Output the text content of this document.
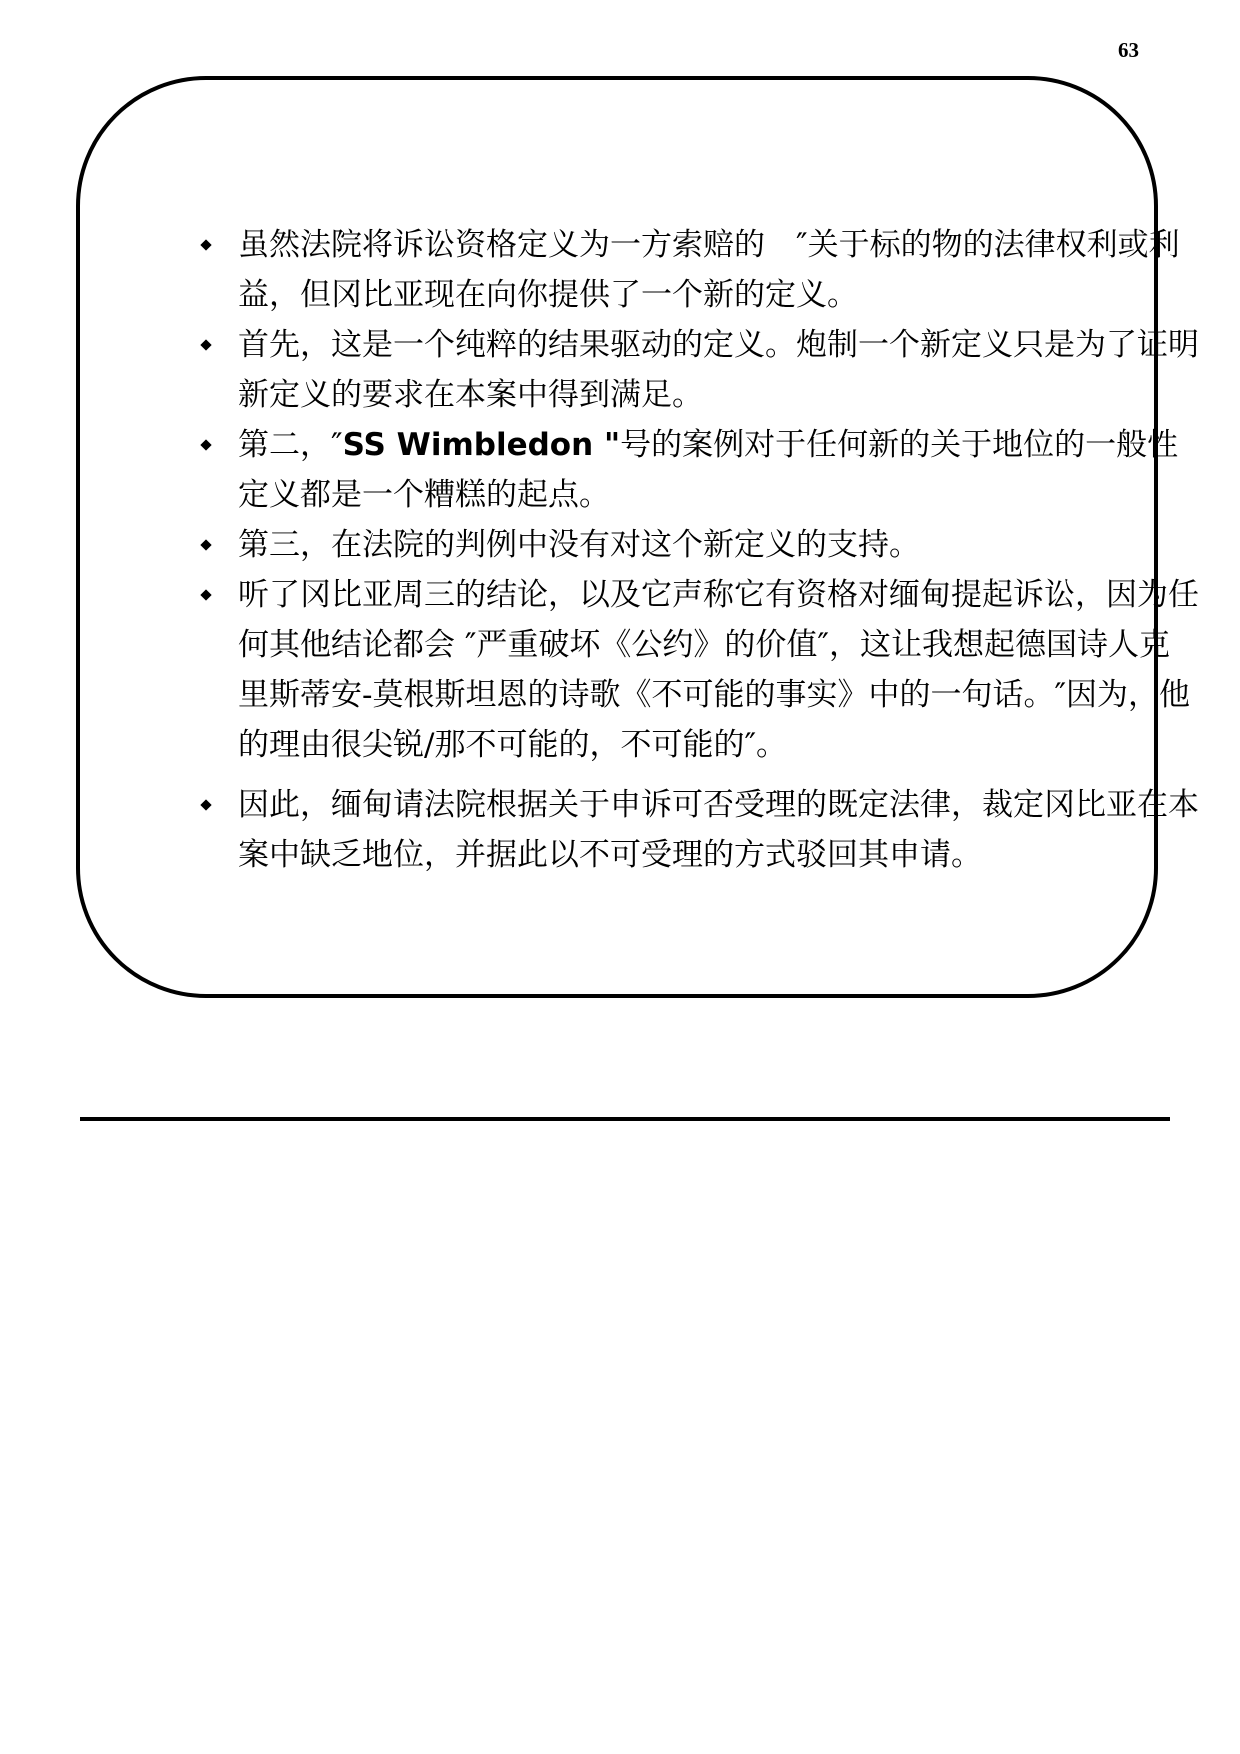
63
虽然法院将诉讼资格定义为一方索赔的　″关于标的物的法律权利或利益，但冈比亚现在向你提供了一个新的定义。
首先，这是一个纯粹的结果驱动的定义。炮制一个新定义只是为了证明新定义的要求在本案中得到满足。
第二，″SS Wimbledon "号的案例对于任何新的关于地位的一般性定义都是一个糟糕的起点。
第三，在法院的判例中没有对这个新定义的支持。
听了冈比亚周三的结论，以及它声称它有资格对缅甸提起诉讼，因为任何其他结论都会 ″严重破坏《公约》的价值″，这让我想起德国诗人克里斯蒂安-莫根斯坦恩的诗歌《不可能的事实》中的一句话。″因为，他的理由很尖锐/那不可能的，不可能的″。
因此，缅甸请法院根据关于申诉可否受理的既定法律，裁定冈比亚在本案中缺乏地位，并据此以不可受理的方式驳回其申请。
